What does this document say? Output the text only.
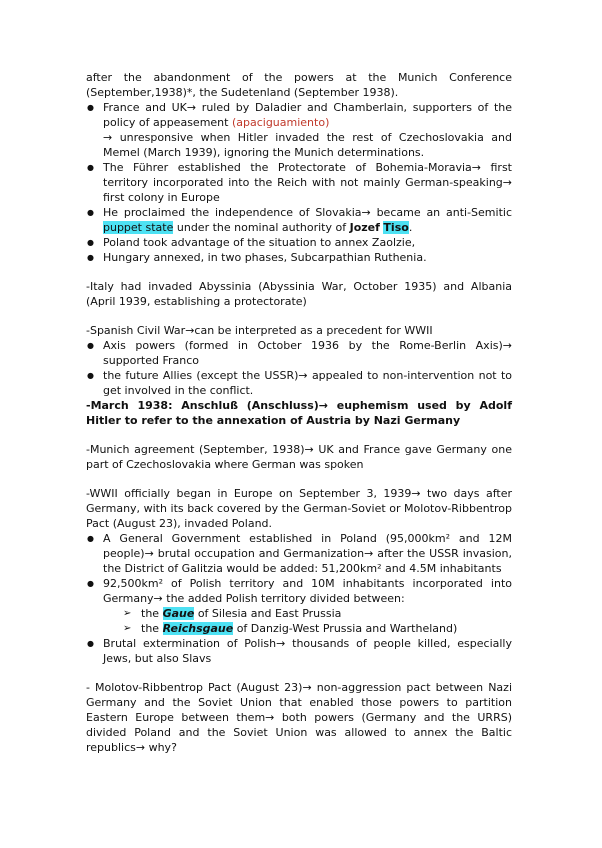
after the abandonment of the powers at the Munich Conference (September,1938)*, the Sudetenland (September 1938).

● France and UK→ ruled by Daladier and Chamberlain, supporters of the policy of appeasement (apaciguamiento)
→ unresponsive when Hitler invaded the rest of Czechoslovakia and Memel (March 1939), ignoring the Munich determinations.
● The Führer established the Protectorate of Bohemia-Moravia→ first territory incorporated into the Reich with not mainly German-speaking→ first colony in Europe
● He proclaimed the independence of Slovakia→ became an anti-Semitic puppet state under the nominal authority of Jozef Tiso.
● Poland took advantage of the situation to annex Zaolzie,
● Hungary annexed, in two phases, Subcarpathian Ruthenia.

-Italy had invaded Abyssinia (Abyssinia War, October 1935) and Albania (April 1939, establishing a protectorate)

-Spanish Civil War→can be interpreted as a precedent for WWII

● Axis powers (formed in October 1936 by the Rome-Berlin Axis)→ supported Franco
● the future Allies (except the USSR)→ appealed to non-intervention not to get involved in the conflict.

-March 1938: Anschluß (Anschluss)→ euphemism used by Adolf Hitler to refer to the annexation of Austria by Nazi Germany

-Munich agreement (September, 1938)→ UK and France gave Germany one part of Czechoslovakia where German was spoken

-WWII officially began in Europe on September 3, 1939→ two days after Germany, with its back covered by the German-Soviet or Molotov-Ribbentrop Pact (August 23), invaded Poland.

● A General Government established in Poland (95,000km² and 12M people)→ brutal occupation and Germanization→ after the USSR invasion, the District of Galitzia would be added: 51,200km² and 4.5M inhabitants
● 92,500km² of Polish territory and 10M inhabitants incorporated into Germany→ the added Polish territory divided between:
➢ the Gaue of Silesia and East Prussia
➢ the Reichsgaue of Danzig-West Prussia and Wartheland)
● Brutal extermination of Polish→ thousands of people killed, especially Jews, but also Slavs

- Molotov-Ribbentrop Pact (August 23)→ non-aggression pact between Nazi Germany and the Soviet Union that enabled those powers to partition Eastern Europe between them→ both powers (Germany and the URRS) divided Poland and the Soviet Union was allowed to annex the Baltic republics→ why?
